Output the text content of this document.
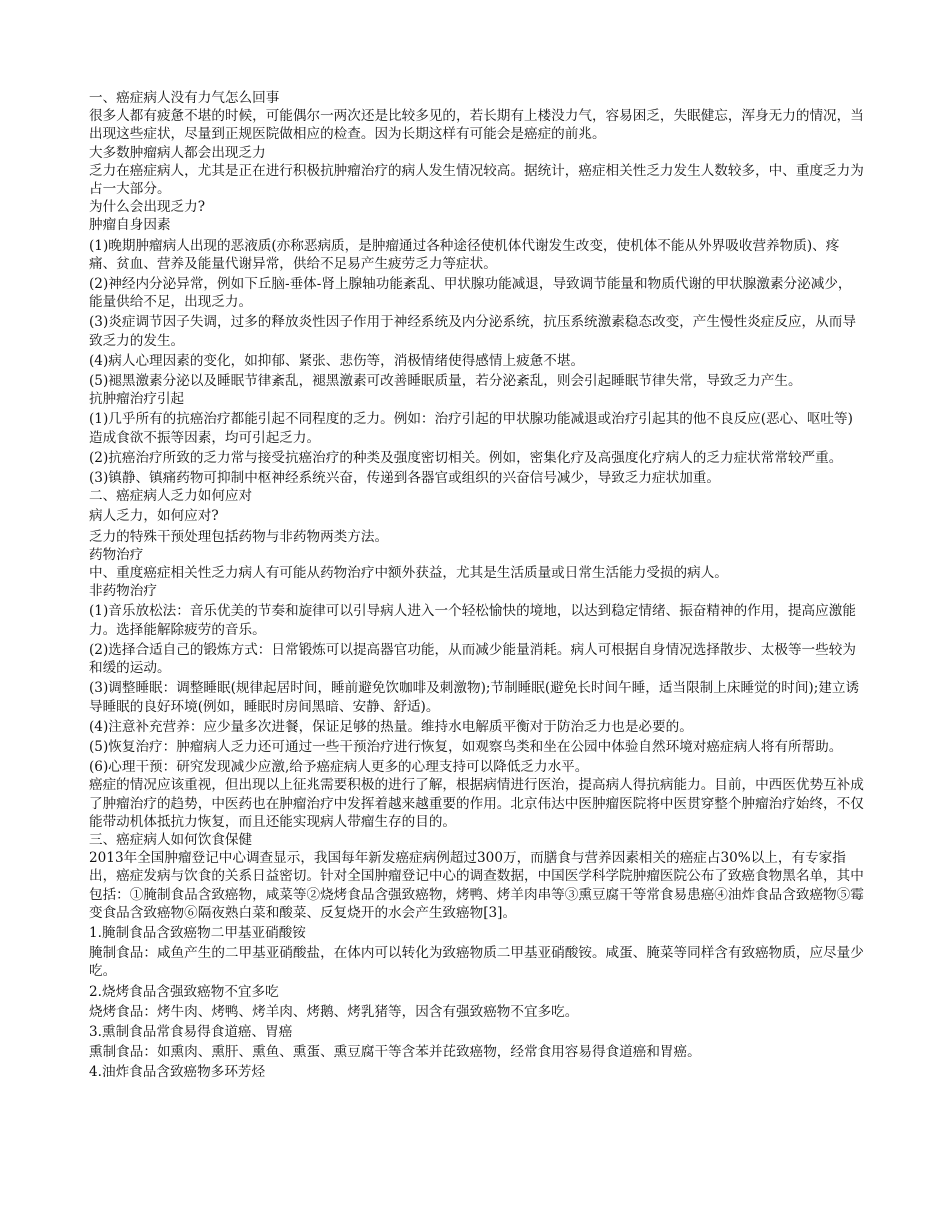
一、癌症病人没有力气怎么回事

很多人都有疲惫不堪的时候，可能偶尔一两次还是比较多见的，若长期有上楼没力气，容易困乏，失眠健忘，浑身无力的情况，当出现这些症状，尽量到正规医院做相应的检查。因为长期这样有可能会是癌症的前兆。

大多数肿瘤病人都会出现乏力

乏力在癌症病人，尤其是正在进行积极抗肿瘤治疗的病人发生情况较高。据统计，癌症相关性乏力发生人数较多，中、重度乏力为占一大部分。

为什么会出现乏力?

肿瘤自身因素

(1)晚期肿瘤病人出现的恶液质(亦称恶病质，是肿瘤通过各种途径使机体代谢发生改变，使机体不能从外界吸收营养物质)、疼痛、贫血、营养及能量代谢异常，供给不足易产生疲劳乏力等症状。

(2)神经内分泌异常，例如下丘脑-垂体-肾上腺轴功能紊乱、甲状腺功能减退，导致调节能量和物质代谢的甲状腺激素分泌减少，能量供给不足，出现乏力。

(3)炎症调节因子失调，过多的释放炎性因子作用于神经系统及内分泌系统，抗压系统激素稳态改变，产生慢性炎症反应，从而导致乏力的发生。

(4)病人心理因素的变化，如抑郁、紧张、悲伤等，消极情绪使得感情上疲惫不堪。

(5)褪黑激素分泌以及睡眠节律紊乱，褪黑激素可改善睡眠质量，若分泌紊乱，则会引起睡眠节律失常，导致乏力产生。

抗肿瘤治疗引起

(1)几乎所有的抗癌治疗都能引起不同程度的乏力。例如：治疗引起的甲状腺功能减退或治疗引起其的他不良反应(恶心、呕吐等)造成食欲不振等因素，均可引起乏力。

(2)抗癌治疗所致的乏力常与接受抗癌治疗的种类及强度密切相关。例如，密集化疗及高强度化疗病人的乏力症状常常较严重。

(3)镇静、镇痛药物可抑制中枢神经系统兴奋，传递到各器官或组织的兴奋信号减少，导致乏力症状加重。

二、癌症病人乏力如何应对

病人乏力，如何应对?

乏力的特殊干预处理包括药物与非药物两类方法。

药物治疗

中、重度癌症相关性乏力病人有可能从药物治疗中额外获益，尤其是生活质量或日常生活能力受损的病人。

非药物治疗

(1)音乐放松法：音乐优美的节奏和旋律可以引导病人进入一个轻松愉快的境地，以达到稳定情绪、振奋精神的作用，提高应激能力。选择能解除疲劳的音乐。

(2)选择合适自己的锻炼方式：日常锻炼可以提高器官功能，从而减少能量消耗。病人可根据自身情况选择散步、太极等一些较为和缓的运动。

(3)调整睡眠：调整睡眠(规律起居时间，睡前避免饮咖啡及刺激物);节制睡眠(避免长时间午睡，适当限制上床睡觉的时间);建立诱导睡眠的良好环境(例如，睡眠时房间黑暗、安静、舒适)。

(4)注意补充营养：应少量多次进餐，保证足够的热量。维持水电解质平衡对于防治乏力也是必要的。

(5)恢复治疗：肿瘤病人乏力还可通过一些干预治疗进行恢复，如观察鸟类和坐在公园中体验自然环境对癌症病人将有所帮助。

(6)心理干预：研究发现减少应激,给予癌症病人更多的心理支持可以降低乏力水平。

癌症的情况应该重视，但出现以上征兆需要积极的进行了解，根据病情进行医治，提高病人得抗病能力。目前，中西医优势互补成了肿瘤治疗的趋势，中医药也在肿瘤治疗中发挥着越来越重要的作用。北京伟达中医肿瘤医院将中医贯穿整个肿瘤治疗始终，不仅能带动机体抵抗力恢复，而且还能实现病人带瘤生存的目的。

三、癌症病人如何饮食保健

2013年全国肿瘤登记中心调查显示，我国每年新发癌症病例超过300万，而膳食与营养因素相关的癌症占30%以上，有专家指出，癌症发病与饮食的关系日益密切。针对全国肿瘤登记中心的调查数据，中国医学科学院肿瘤医院公布了致癌食物黑名单，其中包括：①腌制食品含致癌物，咸菜等②烧烤食品含强致癌物，烤鸭、烤羊肉串等③熏豆腐干等常食易患癌④油炸食品含致癌物⑤霉变食品含致癌物⑥隔夜熟白菜和酸菜、反复烧开的水会产生致癌物[3]。

1.腌制食品含致癌物二甲基亚硝酸铵

腌制食品：咸鱼产生的二甲基亚硝酸盐，在体内可以转化为致癌物质二甲基亚硝酸铵。咸蛋、腌菜等同样含有致癌物质，应尽量少吃。

2.烧烤食品含强致癌物不宜多吃

烧烤食品：烤牛肉、烤鸭、烤羊肉、烤鹅、烤乳猪等，因含有强致癌物不宜多吃。

3.熏制食品常食易得食道癌、胃癌

熏制食品：如熏肉、熏肝、熏鱼、熏蛋、熏豆腐干等含苯并芘致癌物，经常食用容易得食道癌和胃癌。

4.油炸食品含致癌物多环芳烃
